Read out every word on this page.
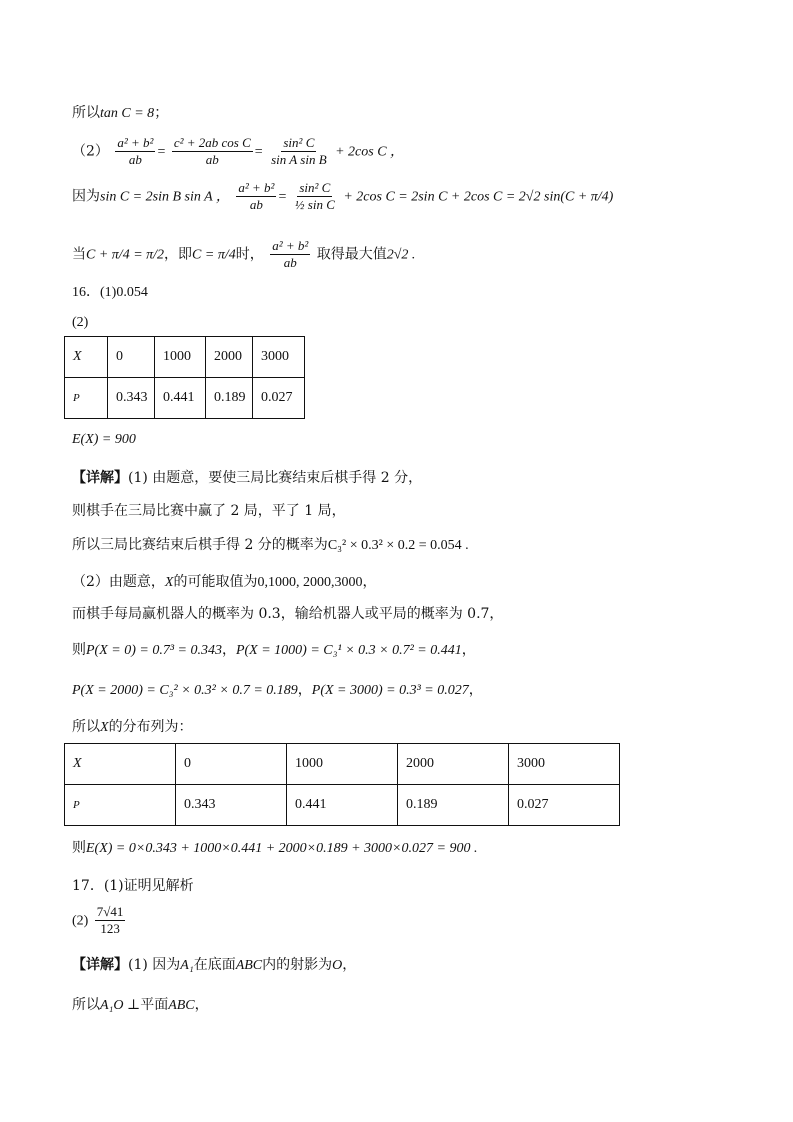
所以tan C = 8；
$(2) \frac{\text{a² + b²}}{ab} = \frac{\text{c² + 2ab cos C}}{ab} = \frac{\text{sin² C}}{\text{sin A sin B}} + 2\cos$ C ，
因为sin C = 2sin B sin A ， $\frac{\text{a² + b²}}{ab} = \frac{\text{sin² C}}{\text{½ sin C}} + 2\cos$ C = 2sin C + 2cos C = 2√2 sin(C + π/4)
当C + π/4 = π/2，即C = π/4时， $\frac{\text{a² + b²}}{ab}$ 取得最大值2√2 .
16．(1)0.054
(2)
X	0	1000	2000	3000
P	0.343	0.441	0.189	0.027
E(X) = 900
【详解】(1) 由题意，要使三局比赛结束后棋手得 2 分，
则棋手在三局比赛中赢了 2 局，平了 1 局，
所以三局比赛结束后棋手得 2 分的概率为C₃² × 0.3² × 0.2 = 0.054 .
（2）由题意，X的可能取值为0,1000, 2000,3000，
而棋手每局赢机器人的概率为 0.3，输给机器人或平局的概率为 0.7，
则P(X = 0) = 0.7³ = 0.343，P(X = 1000) = C₃¹ × 0.3 × 0.7² = 0.441，
P(X = 2000) = C₃² × 0.3² × 0.7 = 0.189，P(X = 3000) = 0.3³ = 0.027，
所以X的分布列为：
X	0	1000	2000	3000
P	0.343	0.441	0.189	0.027
则E(X) = 0×0.343 + 1000×0.441 + 2000×0.189 + 3000×0.027 = 900 .
17．(1)证明见解析
$(2) \frac{7√41}{123}$
【详解】(1) 因为A₁在底面ABC内的射影为O，
所以A₁O ⊥平面ABC，
